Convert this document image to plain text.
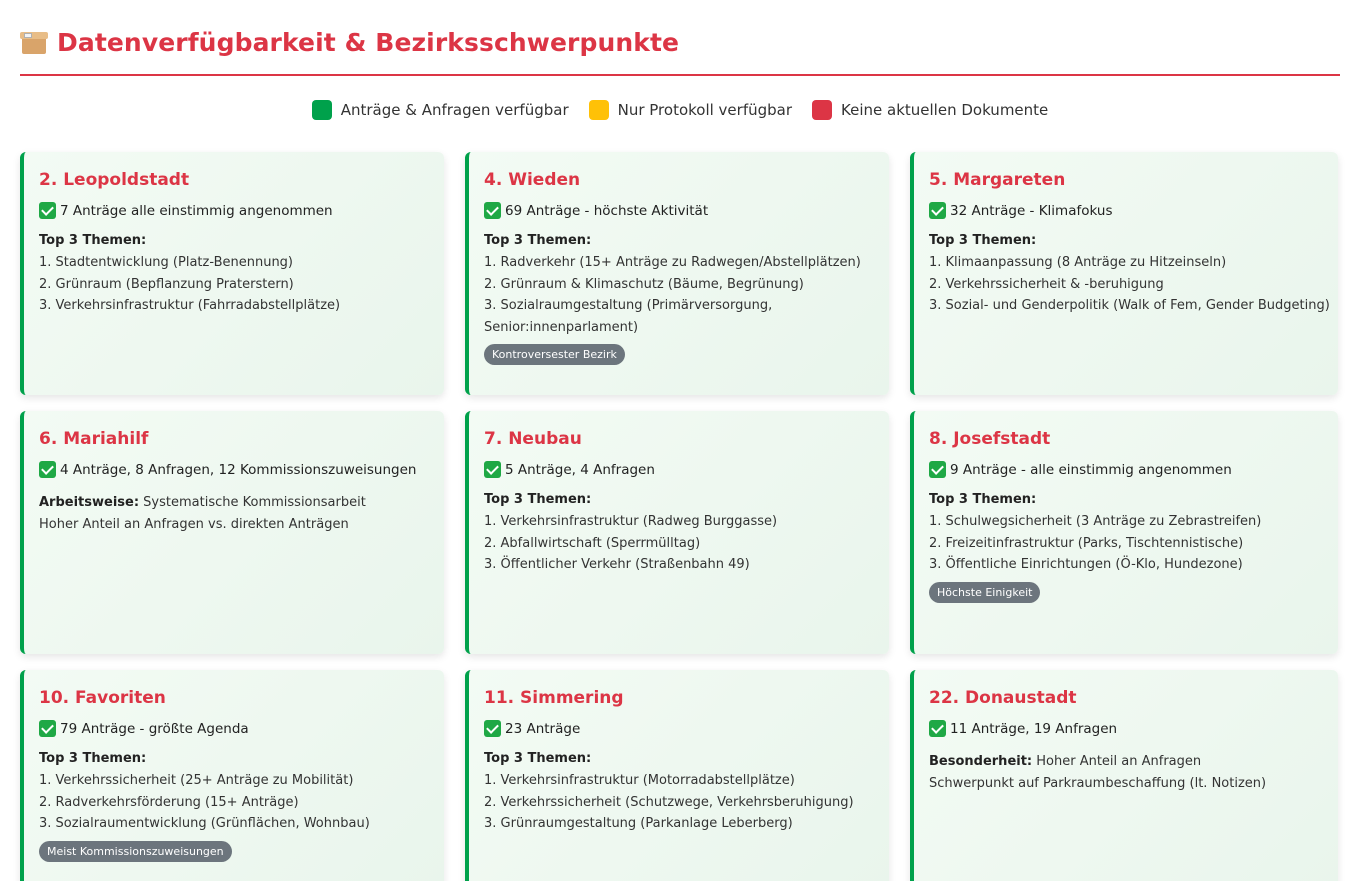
Datenverfügbarkeit & Bezirksschwerpunkte
Anträge & Anfragen verfügbar	Nur Protokoll verfügbar	Keine aktuellen Dokumente
2. Leopoldstadt
7 Anträge alle einstimmig angenommen
Top 3 Themen:
1. Stadtentwicklung (Platz-Benennung)
2. Grünraum (Bepflanzung Praterstern)
3. Verkehrsinfrastruktur (Fahrradabstellplätze)
4. Wieden
69 Anträge - höchste Aktivität
Top 3 Themen:
1. Radverkehr (15+ Anträge zu Radwegen/Abstellplätzen)
2. Grünraum & Klimaschutz (Bäume, Begrünung)
3. Sozialraumgestaltung (Primärversorgung,
Senior:innenparlament)
Kontroversester Bezirk
5. Margareten
32 Anträge - Klimafokus
Top 3 Themen:
1. Klimaanpassung (8 Anträge zu Hitzeinseln)
2. Verkehrssicherheit & -beruhigung
3. Sozial- und Genderpolitik (Walk of Fem, Gender Budgeting)
6. Mariahilf
4 Anträge, 8 Anfragen, 12 Kommissionszuweisungen
Arbeitsweise: Systematische Kommissionsarbeit
Hoher Anteil an Anfragen vs. direkten Anträgen
7. Neubau
5 Anträge, 4 Anfragen
Top 3 Themen:
1. Verkehrsinfrastruktur (Radweg Burggasse)
2. Abfallwirtschaft (Sperrmülltag)
3. Öffentlicher Verkehr (Straßenbahn 49)
8. Josefstadt
9 Anträge - alle einstimmig angenommen
Top 3 Themen:
1. Schulwegsicherheit (3 Anträge zu Zebrastreifen)
2. Freizeitinfrastruktur (Parks, Tischtennistische)
3. Öffentliche Einrichtungen (Ö-Klo, Hundezone)
Höchste Einigkeit
10. Favoriten
79 Anträge - größte Agenda
Top 3 Themen:
1. Verkehrssicherheit (25+ Anträge zu Mobilität)
2. Radverkehrsförderung (15+ Anträge)
3. Sozialraumentwicklung (Grünflächen, Wohnbau)
Meist Kommissionszuweisungen
11. Simmering
23 Anträge
Top 3 Themen:
1. Verkehrsinfrastruktur (Motorradabstellplätze)
2. Verkehrssicherheit (Schutzwege, Verkehrsberuhigung)
3. Grünraumgestaltung (Parkanlage Leberberg)
22. Donaustadt
11 Anträge, 19 Anfragen
Besonderheit: Hoher Anteil an Anfragen
Schwerpunkt auf Parkraumbeschaffung (lt. Notizen)
